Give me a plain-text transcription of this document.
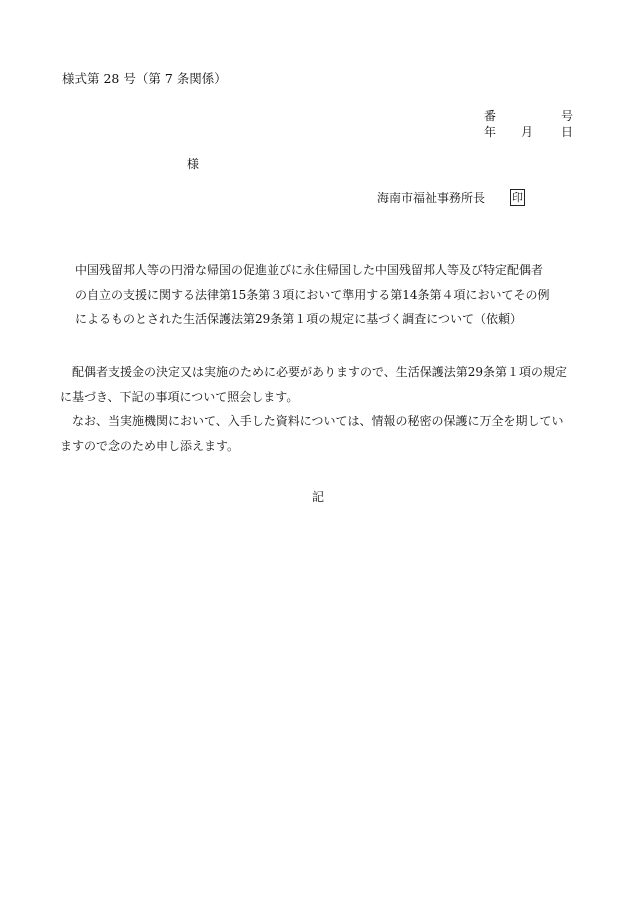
様式第 28 号（第 7 条関係）
番	号
年 月 日
様
海南市福祉事務所長 印
中国残留邦人等の円滑な帰国の促進並びに永住帰国した中国残留邦人等及び特定配偶者
の自立の支援に関する法律第15条第３項において準用する第14条第４項においてその例
によるものとされた生活保護法第29条第１項の規定に基づく調査について（依頼）
配偶者支援金の決定又は実施のために必要がありますので、生活保護法第29条第１項の規定
に基づき、下記の事項について照会します。
なお、当実施機関において、入手した資料については、情報の秘密の保護に万全を期してい
ますので念のため申し添えます。
記
